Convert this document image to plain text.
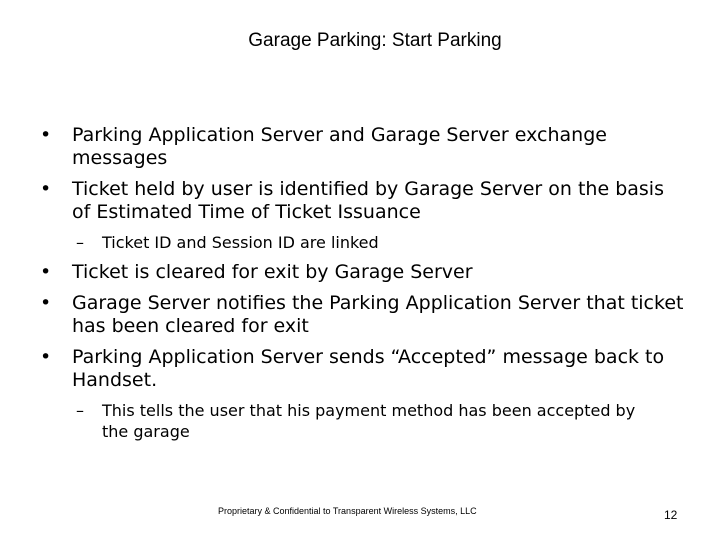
Garage Parking: Start Parking
• Parking Application Server and Garage Server exchange messages
• Ticket held by user is identified by Garage Server on the basis of Estimated Time of Ticket Issuance
– Ticket ID and Session ID are linked
• Ticket is cleared for exit by Garage Server
• Garage Server notifies the Parking Application Server that ticket has been cleared for exit
• Parking Application Server sends “Accepted” message back to Handset.
– This tells the user that his payment method has been accepted by the garage
Proprietary & Confidential to Transparent Wireless Systems, LLC	12
